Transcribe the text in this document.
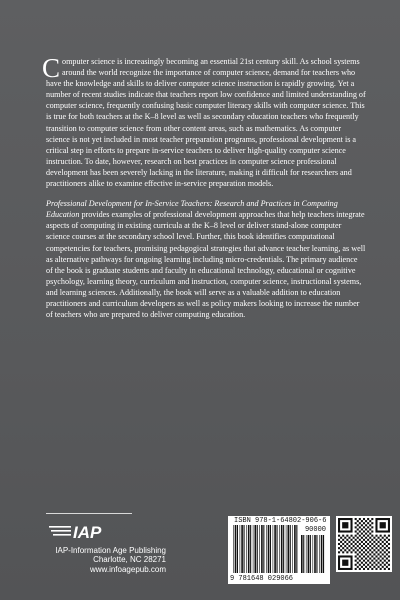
Computer science is increasingly becoming an essential 21st century skill. As school systems around the world recognize the importance of computer science, demand for teachers who have the knowledge and skills to deliver computer science instruction is rapidly growing. Yet a number of recent studies indicate that teachers report low confidence and limited understanding of computer science, frequently confusing basic computer literacy skills with computer science. This is true for both teachers at the K–8 level as well as secondary education teachers who frequently transition to computer science from other content areas, such as mathematics. As computer science is not yet included in most teacher preparation programs, professional development is a critical step in efforts to prepare in-service teachers to deliver high-quality computer science instruction. To date, however, research on best practices in computer science professional development has been severely lacking in the literature, making it difficult for researchers and practitioners alike to examine effective in-service preparation models.

Professional Development for In-Service Teachers: Research and Practices in Computing Education provides examples of professional development approaches that help teachers integrate aspects of computing in existing curricula at the K–8 level or deliver stand-alone computer science courses at the secondary school level. Further, this book identifies computational competencies for teachers, promising pedagogical strategies that advance teacher learning, as well as alternative pathways for ongoing learning including micro-credentials. The primary audience of the book is graduate students and faculty in educational technology, educational or cognitive psychology, learning theory, curriculum and instruction, computer science, instructional systems, and learning sciences. Additionally, the book will serve as a valuable addition to education practitioners and curriculum developers as well as policy makers looking to increase the number of teachers who are prepared to deliver computing education.

IAP
IAP-Information Age Publishing
Charlotte, NC 28271
www.infoagepub.com
ISBN 978-1-64802-906-6
90000
9 781648 029066
